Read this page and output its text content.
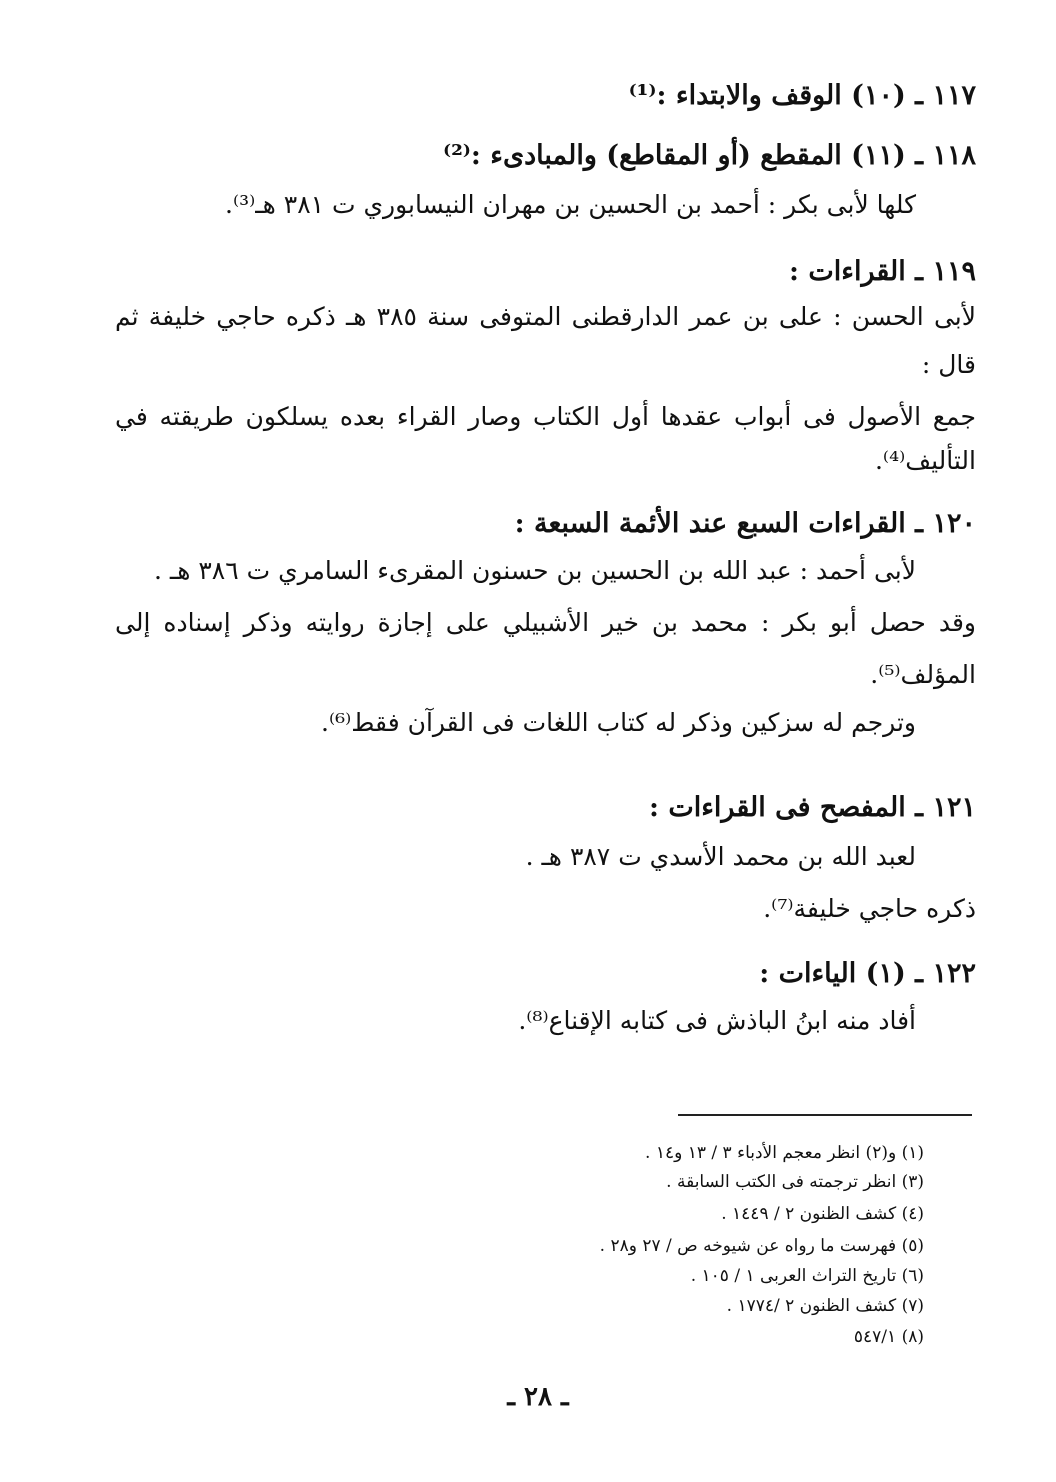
١١٧ ـ (١٠) الوقف والابتداء :⁽¹⁾
١١٨ ـ (١١) المقطع (أو المقاطع) والمبادىء :⁽²⁾
كلها لأبى بكر : أحمد بن الحسين بن مهران النيسابوري ت ٣٨١ هـ⁽³⁾.
١١٩ ـ القراءات :
لأبى الحسن : على بن عمر الدارقطنى المتوفى سنة ٣٨٥ هـ ذكره حاجي خليفة ثم
قال :
جمع الأصول فى أبواب عقدها أول الكتاب وصار القراء بعده يسلكون طريقته في
التأليف⁽⁴⁾.
١٢٠ ـ القراءات السبع عند الأئمة السبعة :
لأبى أحمد : عبد الله بن الحسين بن حسنون المقرىء السامري ت ٣٨٦ هـ .
وقد حصل أبو بكر : محمد بن خير الأشبيلي على إجازة روايته وذكر إسناده إلى
المؤلف⁽⁵⁾.
وترجم له سزكين وذكر له كتاب اللغات فى القرآن فقط⁽⁶⁾.
١٢١ ـ المفصح فى القراءات :
لعبد الله بن محمد الأسدي ت ٣٨٧ هـ .
ذكره حاجي خليفة⁽⁷⁾.
١٢٢ ـ (١) الياءات :
أفاد منه ابنُ الباذش فى كتابه الإقناع⁽⁸⁾.
(١) و(٢) انظر معجم الأدباء ٣ / ١٣ و١٤ .
(٣) انظر ترجمته فى الكتب السابقة .
(٤) كشف الظنون ٢ / ١٤٤٩ .
(٥) فهرست ما رواه عن شيوخه ص / ٢٧ و٢٨ .
(٦) تاريخ التراث العربى ١ / ١٠٥ .
(٧) كشف الظنون ٢ /١٧٧٤ .
(٨) ٥٤٧/١
ـ ٢٨ ـ
